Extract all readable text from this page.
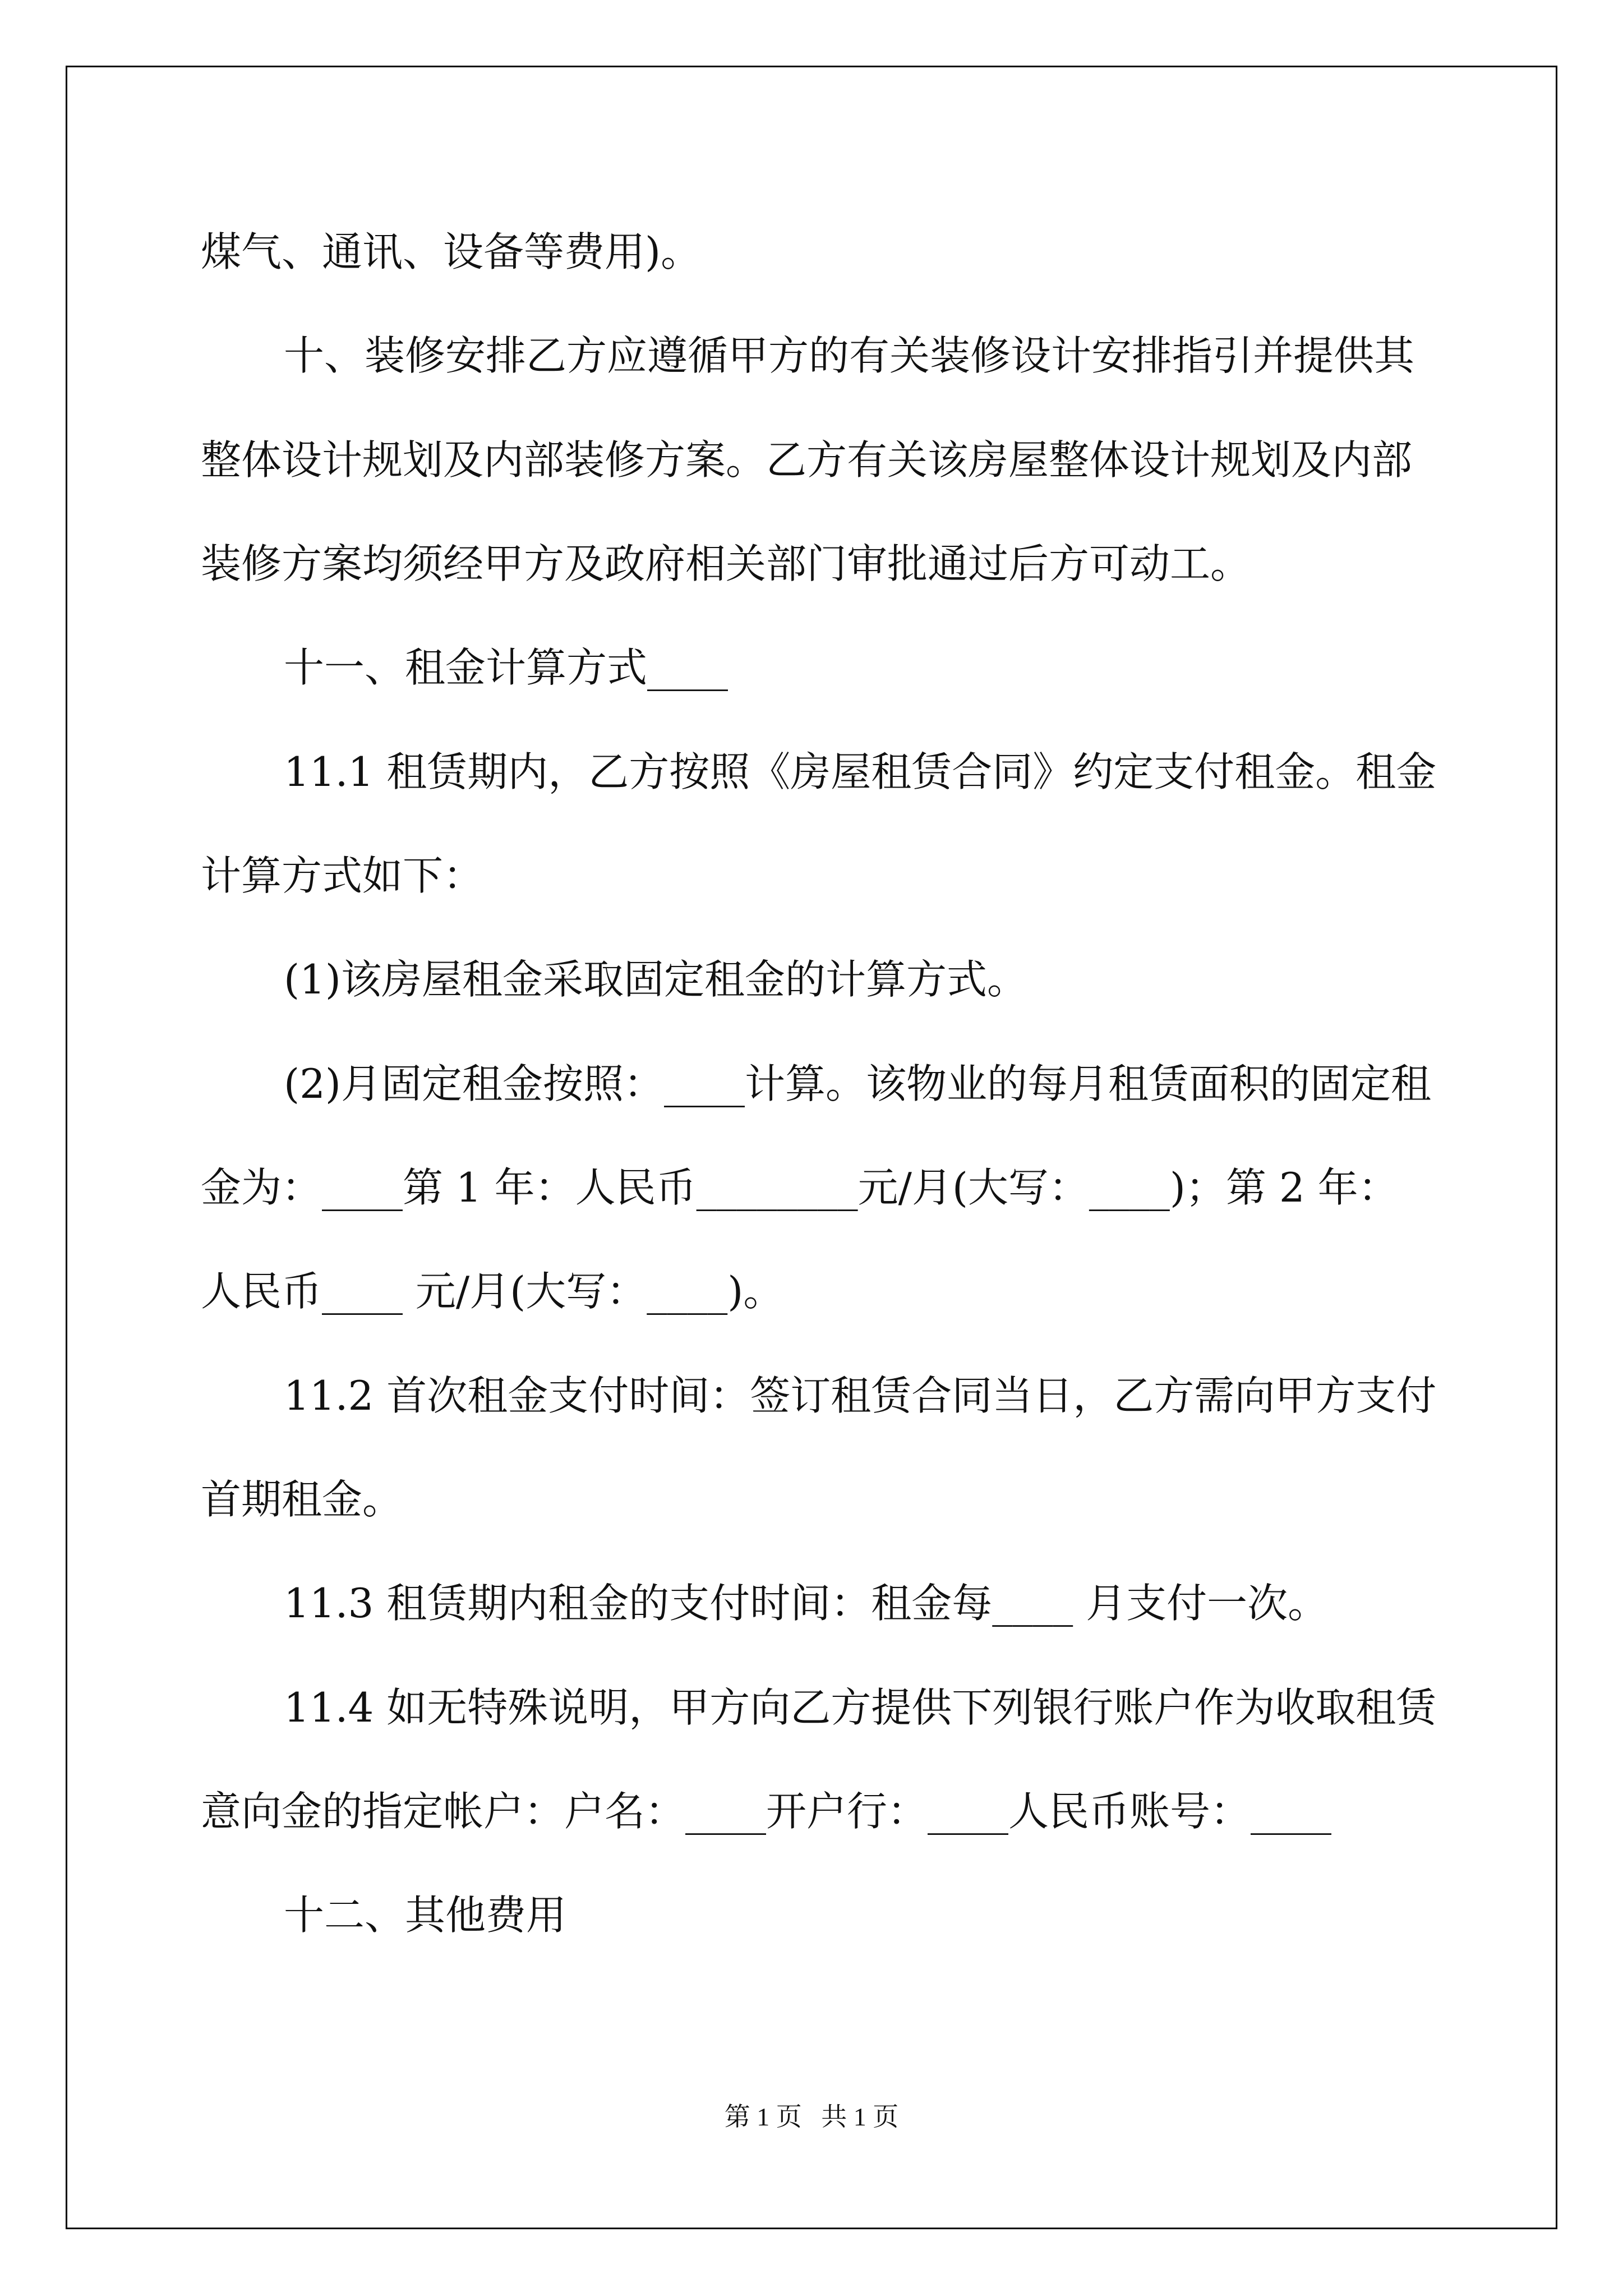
煤气、通讯、设备等费用)。

十、装修安排乙方应遵循甲方的有关装修设计安排指引并提供其

整体设计规划及内部装修方案。乙方有关该房屋整体设计规划及内部

装修方案均须经甲方及政府相关部门审批通过后方可动工。

十一、租金计算方式____

11.1 租赁期内，乙方按照《房屋租赁合同》约定支付租金。租金

计算方式如下：

(1)该房屋租金采取固定租金的计算方式。

(2)月固定租金按照：____计算。该物业的每月租赁面积的固定租

金为：____第 1 年：人民币________元/月(大写：____)；第 2 年：

人民币____ 元/月(大写：____)。

11.2 首次租金支付时间：签订租赁合同当日，乙方需向甲方支付

首期租金。

11.3 租赁期内租金的支付时间：租金每____ 月支付一次。

11.4 如无特殊说明，甲方向乙方提供下列银行账户作为收取租赁

意向金的指定帐户：户名：____开户行：____人民币账号：____

十二、其他费用

第 1 页   共 1 页
